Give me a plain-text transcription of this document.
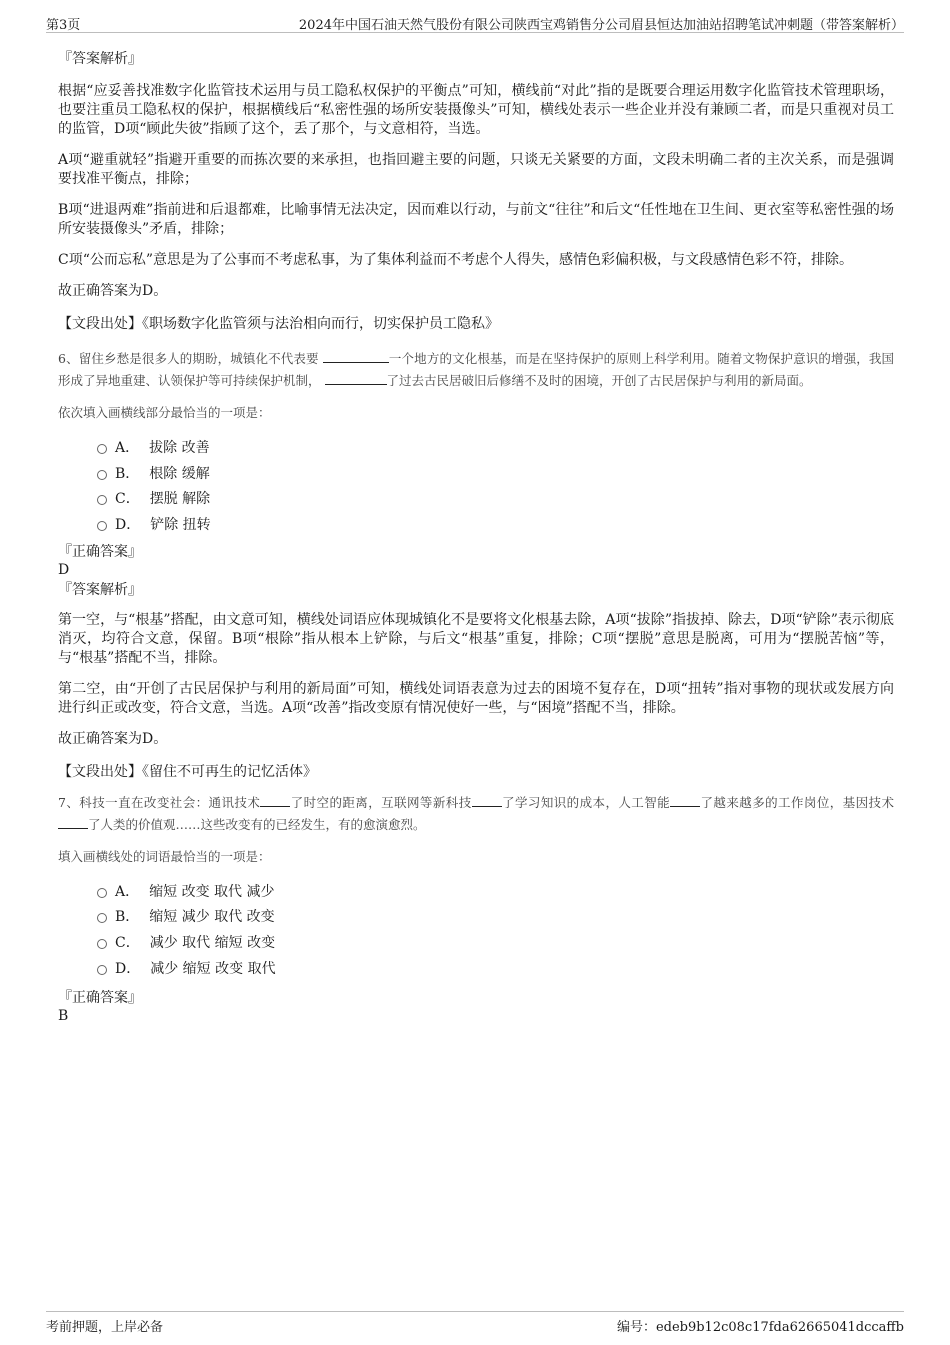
第3页	2024年中国石油天然气股份有限公司陕西宝鸡销售分公司眉县恒达加油站招聘笔试冲刺题（带答案解析）

『答案解析』

根据“应妥善找准数字化监管技术运用与员工隐私权保护的平衡点”可知，横线前“对此”指的是既要合理运用数字化监管技术管理职场，也要注重员工隐私权的保护，根据横线后“私密性强的场所安装摄像头”可知，横线处表示一些企业并没有兼顾二者，而是只重视对员工的监管，D项“顾此失彼”指顾了这个，丢了那个，与文意相符，当选。

A项“避重就轻”指避开重要的而拣次要的来承担，也指回避主要的问题，只谈无关紧要的方面，文段未明确二者的主次关系，而是强调要找准平衡点，排除；

B项“进退两难”指前进和后退都难，比喻事情无法决定，因而难以行动，与前文“往往”和后文“任性地在卫生间、更衣室等私密性强的场所安装摄像头”矛盾，排除；

C项“公而忘私”意思是为了公事而不考虑私事，为了集体利益而不考虑个人得失，感情色彩偏积极，与文段感情色彩不符，排除。

故正确答案为D。

【文段出处】《职场数字化监管须与法治相向而行，切实保护员工隐私》

6、留住乡愁是很多人的期盼，城镇化不代表要	一个地方的文化根基，而是在坚持保护的原则上科学利用。随着文物保护意识的增强，我国形成了异地重建、认领保护等可持续保护机制，	了过去古民居破旧后修缮不及时的困境，开创了古民居保护与利用的新局面。

依次填入画横线部分最恰当的一项是：

A． 拔除 改善
B． 根除 缓解
C． 摆脱 解除
D． 铲除 扭转

『正确答案』

D

『答案解析』

第一空，与“根基”搭配，由文意可知，横线处词语应体现城镇化不是要将文化根基去除，A项“拔除”指拔掉、除去，D项“铲除”表示彻底消灭，均符合文意，保留。B项“根除”指从根本上铲除，与后文“根基”重复，排除；C项“摆脱”意思是脱离，可用为“摆脱苦恼”等，与“根基”搭配不当，排除。

第二空，由“开创了古民居保护与利用的新局面”可知，横线处词语表意为过去的困境不复存在，D项“扭转”指对事物的现状或发展方向进行纠正或改变，符合文意，当选。A项“改善”指改变原有情况使好一些，与“困境”搭配不当，排除。

故正确答案为D。

【文段出处】《留住不可再生的记忆活体》

7、科技一直在改变社会：通讯技术 了时空的距离，互联网等新科技 了学习知识的成本，人工智能 了越来越多的工作岗位，基因技术了人类的价值观……这些改变有的已经发生，有的愈演愈烈。

填入画横线处的词语最恰当的一项是：

A． 缩短 改变 取代 减少
B． 缩短 减少 取代 改变
C． 减少 取代 缩短 改变
D． 减少 缩短 改变 取代

『正确答案』

B

考前押题，上岸必备	编号：edeb9b12c08c17fda62665041dccaffb
